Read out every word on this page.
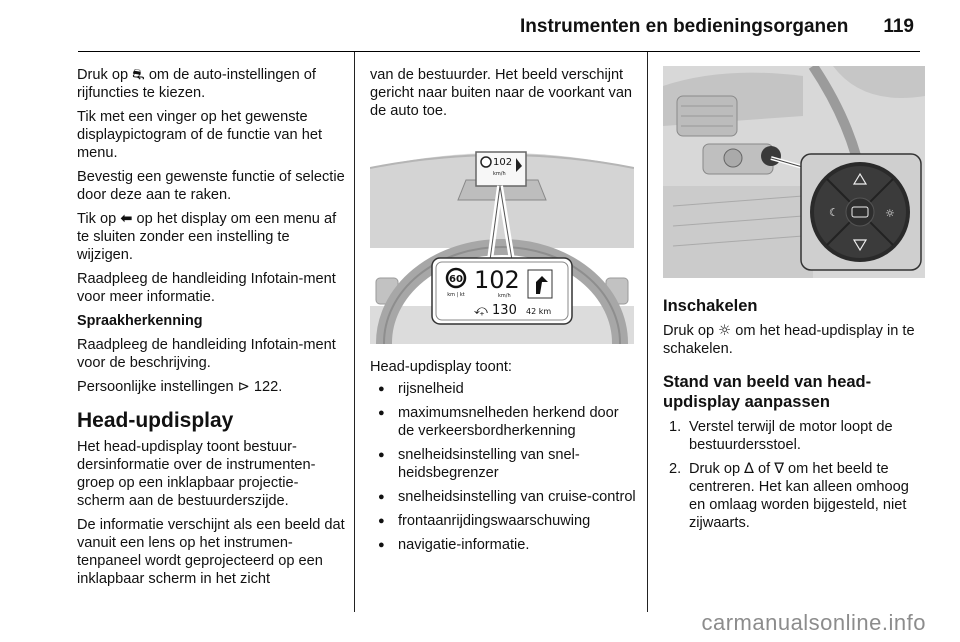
Instrumenten en bedieningsorganen 119

Druk op ⛐ om de auto-instellingen of rijfuncties te kiezen.

Tik met een vinger op het gewenste displaypictogram of de functie van het menu.

Bevestig een gewenste functie of selectie door deze aan te raken.

Tik op ⬅ op het display om een menu af te sluiten zonder een instelling te wijzigen.

Raadpleeg de handleiding Infotain-ment voor meer informatie.

Spraakherkenning

Raadpleeg de handleiding Infotain-ment voor de beschrijving.

Persoonlijke instellingen ⊳ 122.

Head-updisplay

Het head-updisplay toont bestuur-dersinformatie over de instrumenten-groep op een inklapbaar projectie-scherm aan de bestuurderszijde.

De informatie verschijnt als een beeld dat vanuit een lens op het instrumen-tenpaneel wordt geprojecteerd op een inklapbaar scherm in het zicht

van de bestuurder. Het beeld verschijnt gericht naar buiten naar de voorkant van de auto toe.

102
km/h
60
km | kt
102
km/h
⤽ 130 42 km

Head-updisplay toont:

● rijsnelheid
● maximumsnelheden herkend door de verkeersbordherkenning
● snelheidsinstelling van snel-heidsbegrenzer
● snelheidsinstelling van cruise-control
● frontaanrijdingswaarschuwing
● navigatie-informatie.
☾	☼
Inschakelen

Druk op ☼ om het head-updisplay in te schakelen.

Stand van beeld van head-updisplay aanpassen
1. Verstel terwijl de motor loopt de bestuurdersstoel.
2. Druk op ∆ of ∇ om het beeld te centreren. Het kan alleen omhoog en omlaag worden bijgesteld, niet zijwaarts.
carmanualsonline.info
